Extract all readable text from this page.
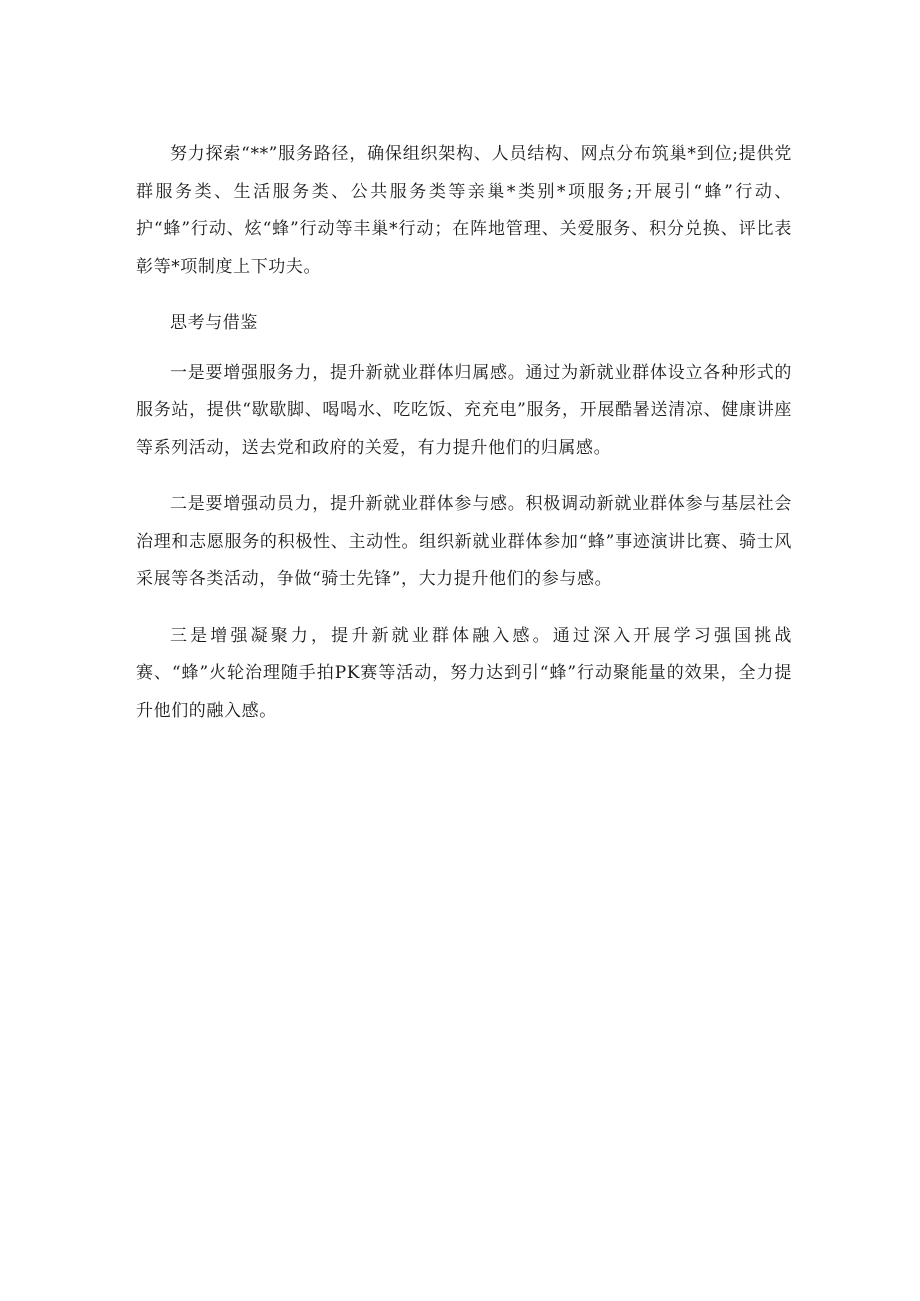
努力探索“**”服务路径，确保组织架构、人员结构、网点分布筑巢*到位;提供党群服务类、生活服务类、公共服务类等亲巢*类别*项服务;开展引“蜂”行动、护“蜂”行动、炫“蜂”行动等丰巢*行动；在阵地管理、关爱服务、积分兑换、评比表彰等*项制度上下功夫。

思考与借鉴

一是要增强服务力，提升新就业群体归属感。通过为新就业群体设立各种形式的服务站，提供“歇歇脚、喝喝水、吃吃饭、充充电”服务，开展酷暑送清凉、健康讲座等系列活动，送去党和政府的关爱，有力提升他们的归属感。

二是要增强动员力，提升新就业群体参与感。积极调动新就业群体参与基层社会治理和志愿服务的积极性、主动性。组织新就业群体参加“蜂”事迹演讲比赛、骑士风采展等各类活动，争做“骑士先锋”，大力提升他们的参与感。

三是增强凝聚力，提升新就业群体融入感。通过深入开展学习强国挑战赛、“蜂”火轮治理随手拍PK赛等活动，努力达到引“蜂”行动聚能量的效果，全力提升他们的融入感。
